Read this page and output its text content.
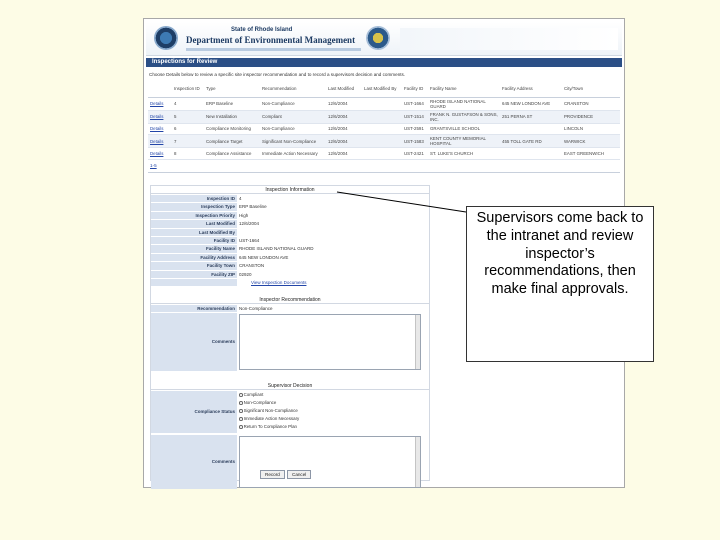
State of Rhode Island
Department of Environmental Management
Inspections for Review
Choose Details below to review a specific site inspector recommendation and to record a supervisors decision and comments.
	Inspection ID	Type	Recommendation	Last Modified	Last Modified By	Facility ID	Facility Name	Facility Address	City/Town
Details	4	ERP Baseline	Non-Compliance	12/6/2004		UST-1664	RHODE ISLAND NATIONAL GUARD	645 NEW LONDON AVE	CRANSTON
Details	5	New Installation	Compliant	12/6/2004		UST-1514	FRANK N. GUSTAFSON & SONS, INC.	251 PERNA ST	PROVIDENCE
Details	6	Compliance Monitoring	Non-Compliance	12/6/2004		UST-2591	GRANTSVILLE SCHOOL		LINCOLN
Details	7	Compliance Target	Significant Non-Compliance	12/6/2004		UST-1583	KENT COUNTY MEMORIAL HOSPITAL	455 TOLL GATE RD	WARWICK
Details	8	Compliance Assistance	Immediate Action Necessary	12/6/2004		UST-2421	ST. LUKE'S CHURCH		EAST GREENWICH
1-5
Inspection Information
Inspection ID 4
Inspection Type ERP Baseline
Inspection Priority High
Last Modified 12/6/2004
Last Modified By
Facility ID UST-1664
Facility Name RHODE ISLAND NATIONAL GUARD
Facility Address 645 NEW LONDON AVE
Facility Town CRANSTON
Facility ZIP 02920
View Inspection Documents
Inspector Recommendation
Recommendation Non-Compliance
Comments
Supervisor Decision
Compliance Status
Compliant
Non-Compliance
Significant Non-Compliance
Immediate Action Necessary
Return To Compliance Plan
Comments
Record	Cancel
Supervisors come back to the intranet and review inspector’s recommendations, then make final approvals.
